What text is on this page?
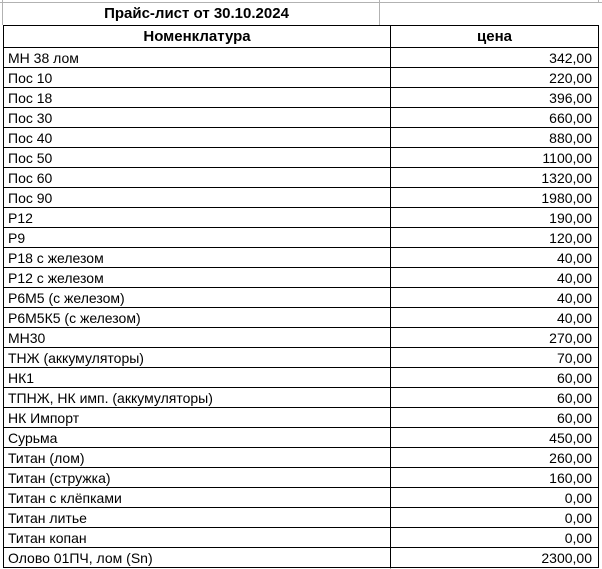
Прайс-лист от 30.10.2024
Номенклатура	цена
МН 38 лом	342,00
Пос 10	220,00
Пос 18	396,00
Пос 30	660,00
Пос 40	880,00
Пос 50	1100,00
Пос 60	1320,00
Пос 90	1980,00
Р12	190,00
Р9	120,00
Р18 с железом	40,00
Р12 с железом	40,00
Р6М5 (с железом)	40,00
Р6М5К5 (с железом)	40,00
МН30	270,00
ТНЖ (аккумуляторы)	70,00
НК1	60,00
ТПНЖ, НК имп. (аккумуляторы)	60,00
НК Импорт	60,00
Сурьма	450,00
Титан (лом)	260,00
Титан (стружка)	160,00
Титан с клёпками	0,00
Титан литье	0,00
Титан копан	0,00
Олово 01ПЧ, лом (Sn)	2300,00
